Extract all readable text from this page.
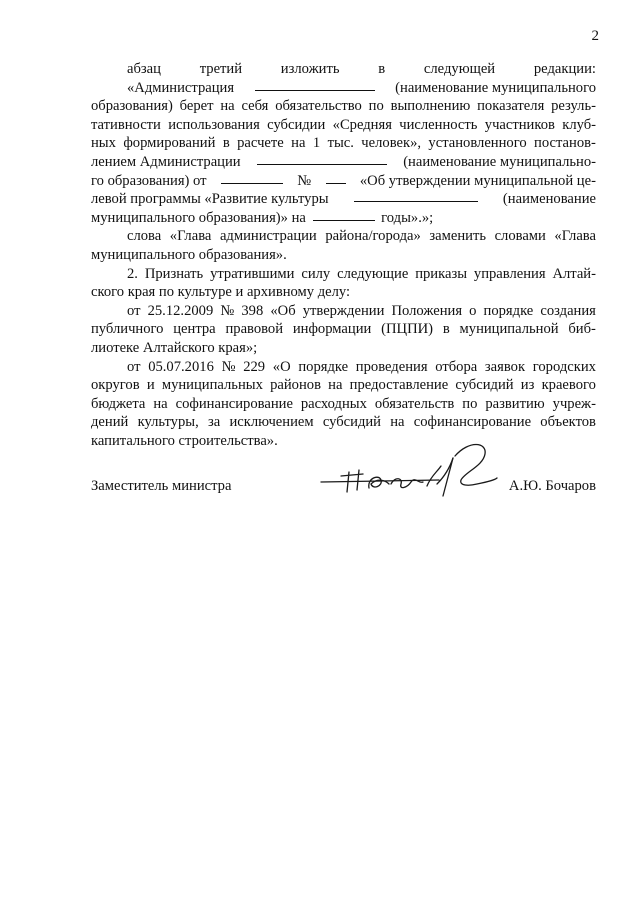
2
абзац	третий	изложить	в	следующей	редакции:
«Администрация	(наименование муниципального
образования) берет на себя обязательство по выполнению показателя резуль-
тативности использования субсидии «Средняя численность участников клуб-
ных формирований в расчете на 1 тыс. человек», установленного постанов-
лением Администрации	(наименование муниципально-
го образования) от	№	«Об утверждении муниципальной це-
левой программы «Развитие культуры	(наименование
муниципального образования)» на	годы».»;
слова «Глава администрации района/города» заменить словами «Глава
муниципального образования».
2. Признать утратившими силу следующие приказы управления Алтай-
ского края по культуре и архивному делу:
от 25.12.2009 № 398 «Об утверждении Положения о порядке создания
публичного центра правовой информации (ПЦПИ) в муниципальной биб-
лиотеке Алтайского края»;
от 05.07.2016 № 229 «О порядке проведения отбора заявок городских
округов и муниципальных районов на предоставление субсидий из краевого
бюджета на софинансирование расходных обязательств по развитию учреж-
дений культуры, за исключением субсидий на софинансирование объектов
капитального строительства».
Заместитель министра	А.Ю. Бочаров
